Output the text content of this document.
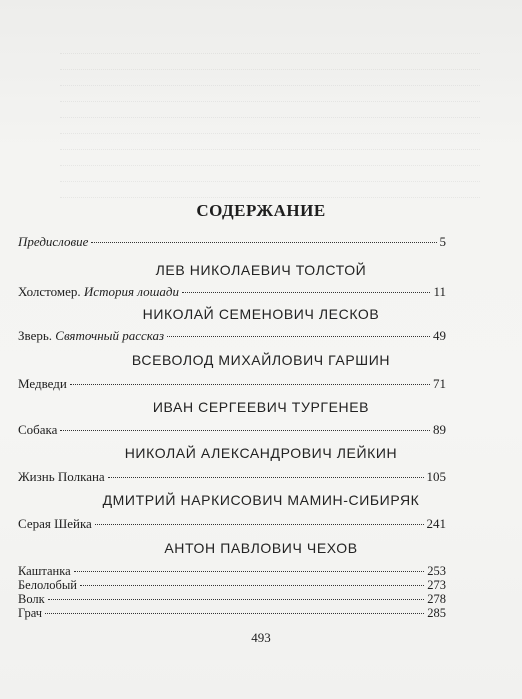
СОДЕРЖАНИЕ
Предисловие	5
ЛЕВ НИКОЛАЕВИЧ ТОЛСТОЙ
Холстомер. История лошади	11
НИКОЛАЙ СЕМЕНОВИЧ ЛЕСКОВ
Зверь. Святочный рассказ	49
ВСЕВОЛОД МИХАЙЛОВИЧ ГАРШИН
Медведи	71
ИВАН СЕРГЕЕВИЧ ТУРГЕНЕВ
Собака	89
НИКОЛАЙ АЛЕКСАНДРОВИЧ ЛЕЙКИН
Жизнь Полкана	105
ДМИТРИЙ НАРКИСОВИЧ МАМИН-СИБИРЯК
Серая Шейка	241
АНТОН ПАВЛОВИЧ ЧЕХОВ
Каштанка	253
Белолобый	273
Волк	278
Грач	285
493
